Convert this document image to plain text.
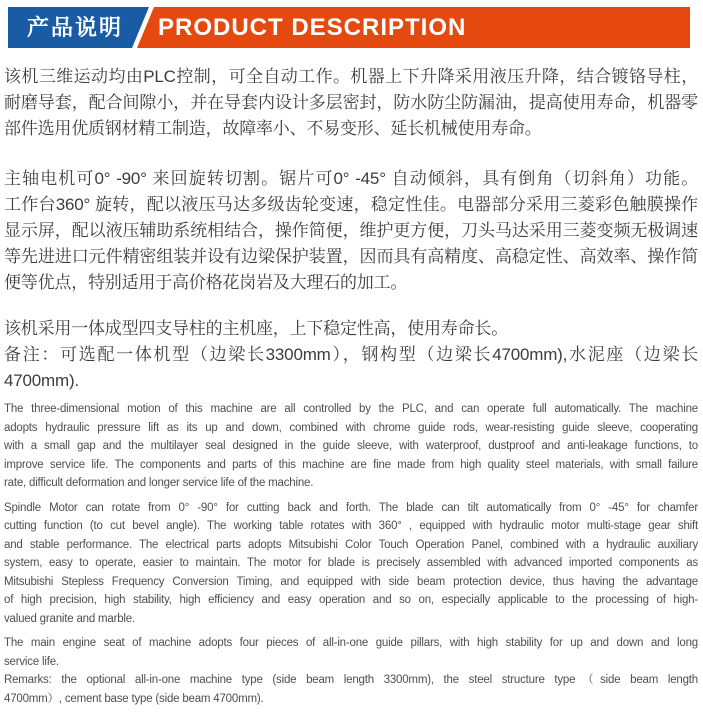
产品说明	PRODUCT DESCRIPTION
该机三维运动均由PLC控制，可全自动工作。机器上下升降采用液压升降，结合镀铬导柱，
耐磨导套，配合间隙小，并在导套内设计多层密封，防水防尘防漏油，提高使用寿命，机器零
部件选用优质钢材精工制造，故障率小、不易变形、延长机械使用寿命。
主轴电机可0° -90° 来回旋转切割。锯片可0° -45° 自动倾斜，具有倒角（切斜角）功能。
工作台360° 旋转，配以液压马达多级齿轮变速，稳定性佳。电器部分采用三菱彩色触膜操作
显示屏，配以液压辅助系统相结合，操作简便，维护更方便，刀头马达采用三菱变频无极调速
等先进进口元件精密组装并设有边梁保护装置，因而具有高精度、高稳定性、高效率、操作简
便等优点，特别适用于高价格花岗岩及大理石的加工。
该机采用一体成型四支导柱的主机座，上下稳定性高，使用寿命长。
备注：可选配一体机型（边梁长3300mm），钢构型（边梁长4700mm),水泥座（边梁长
4700mm).
The three-dimensional motion of this machine are all controlled by the PLC, and can operate full automatically. The machine
adopts hydraulic pressure lift as its up and down, combined with chrome guide rods, wear-resisting guide sleeve, cooperating
with a small gap and the multilayer seal designed in the guide sleeve, with waterproof, dustproof and anti-leakage functions, to
improve service life. The components and parts of this machine are fine made from high quality steel materials, with small failure
rate, difficult deformation and longer service life of the machine.
Spindle Motor can rotate from 0° -90° for cutting back and forth. The blade can tilt automatically from 0° -45° for chamfer
cutting function (to cut bevel angle). The working table rotates with 360° , equipped with hydraulic motor multi-stage gear shift
and stable performance. The electrical parts adopts Mitsubishi Color Touch Operation Panel, combined with a hydraulic auxiliary
system, easy to operate, easier to maintain. The motor for blade is precisely assembled with advanced imported components as
Mitsubishi Stepless Frequency Conversion Timing, and equipped with side beam protection device, thus having the advantage
of high precision, high stability, high efficiency and easy operation and so on, especially applicable to the processing of high-
valued granite and marble.
The main engine seat of machine adopts four pieces of all-in-one guide pillars, with high stability for up and down and long
service life.
Remarks: the optional all-in-one machine type (side beam length 3300mm), the steel structure type（side beam length
4700mm）, cement base type (side beam 4700mm).
